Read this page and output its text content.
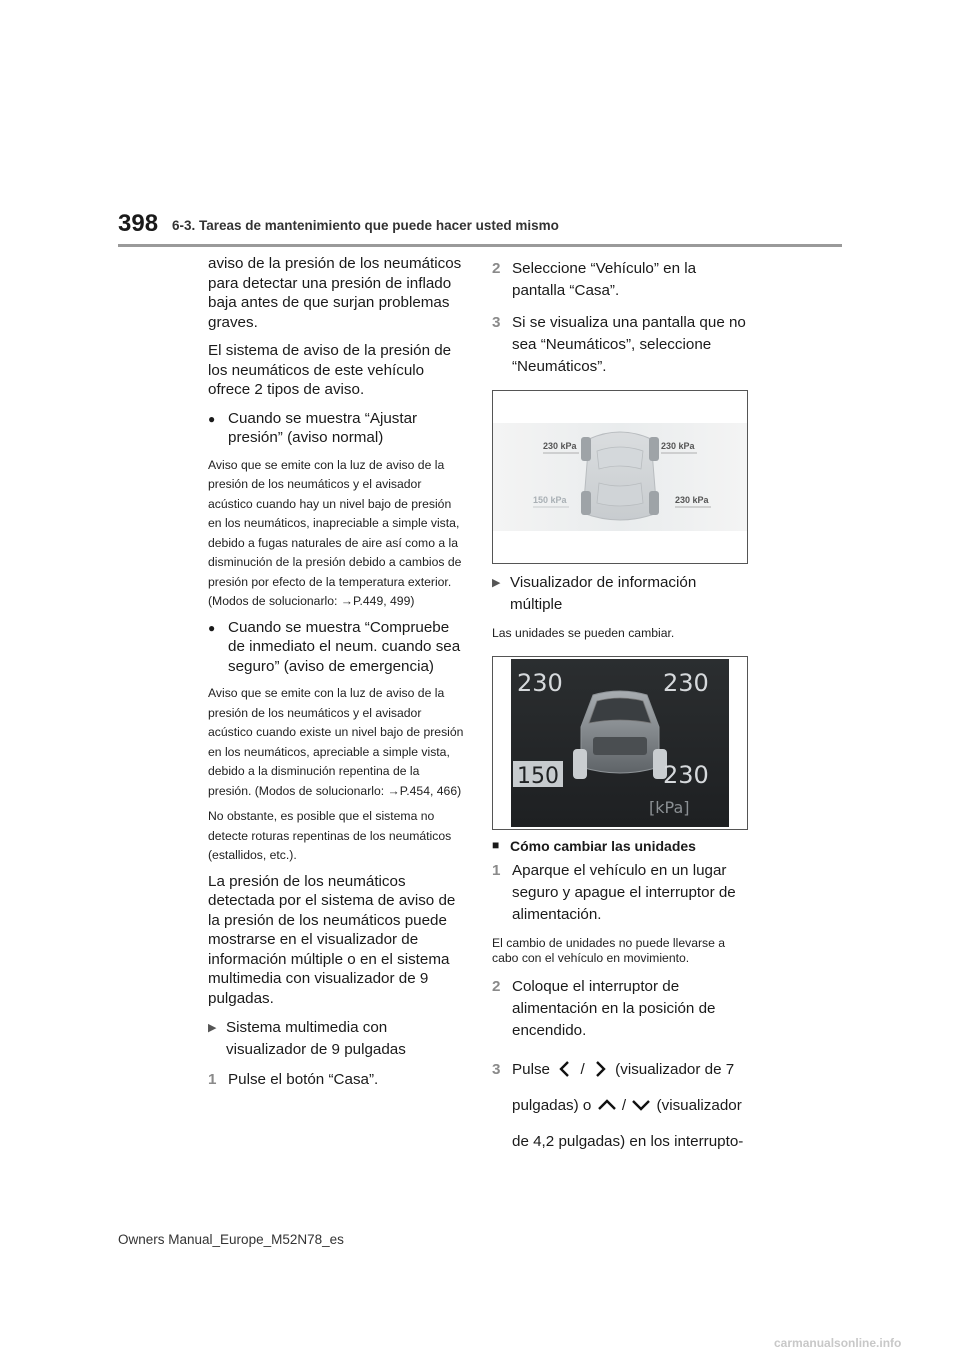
398 6-3. Tareas de mantenimiento que puede hacer usted mismo

aviso de la presión de los neumáticos para detectar una presión de inflado baja antes de que surjan problemas graves.

El sistema de aviso de la presión de los neumáticos de este vehículo ofrece 2 tipos de aviso.

● Cuando se muestra “Ajustar presión” (aviso normal)

Aviso que se emite con la luz de aviso de la presión de los neumáticos y el avisador acústico cuando hay un nivel bajo de presión en los neumáticos, inapreciable a simple vista, debido a fugas naturales de aire así como a la disminución de la presión debido a cambios de presión por efecto de la temperatura exterior. (Modos de solucionarlo: →P.449, 499)

● Cuando se muestra “Compruebe de inmediato el neum. cuando sea seguro” (aviso de emergencia)

Aviso que se emite con la luz de aviso de la presión de los neumáticos y el avisador acústico cuando existe un nivel bajo de presión en los neumáticos, apreciable a simple vista, debido a la disminución repentina de la presión. (Modos de solucionarlo: →P.454, 466)

No obstante, es posible que el sistema no detecte roturas repentinas de los neumáticos (estallidos, etc.).

La presión de los neumáticos detectada por el sistema de aviso de la presión de los neumáticos puede mostrarse en el visualizador de información múltiple o en el sistema multimedia con visualizador de 9 pulgadas.

▶ Sistema multimedia con visualizador de 9 pulgadas
1 Pulse el botón “Casa”.
2 Seleccione “Vehículo” en la pantalla “Casa”.
3 Si se visualiza una pantalla que no sea “Neumáticos”, seleccione “Neumáticos”.
230 kPa	230 kPa
150 kPa	230 kPa
▶ Visualizador de información múltiple

Las unidades se pueden cambiar.

230	230
150	230
[kPa]
■ Cómo cambiar las unidades
1 Aparque el vehículo en un lugar seguro y apague el interruptor de alimentación.

El cambio de unidades no puede llevarse a cabo con el vehículo en movimiento.

2 Coloque el interruptor de alimentación en la posición de encendido.
3 Pulse / (visualizador de 7 pulgadas) o / (visualizador de 4,2 pulgadas) en los interrupto-
Owners Manual_Europe_M52N78_es
carmanualsonline.info
